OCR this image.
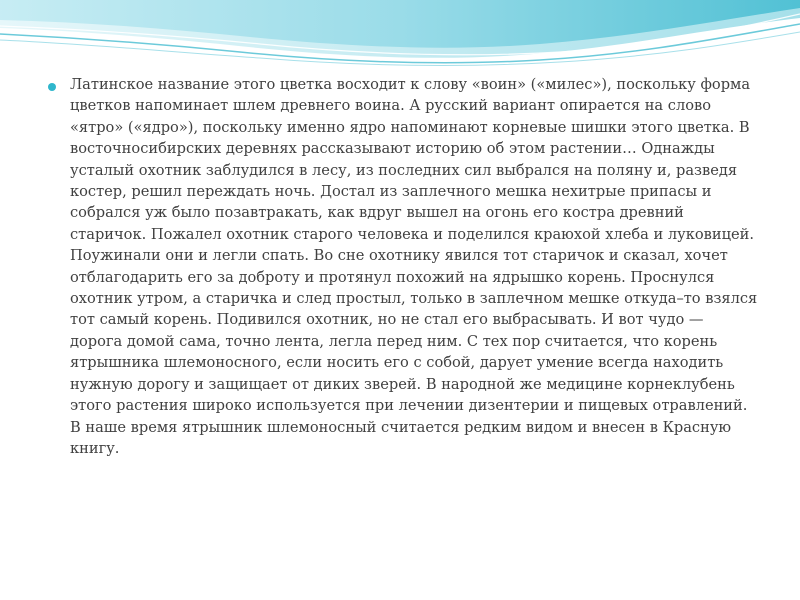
Латинское название этого цветка восходит к слову «воин» («милес»), поскольку форма цветков напоминает шлем древнего воина. А русский вариант опирается на слово «ятро» («ядро»), поскольку именно ядро напоминают корневые шишки этого цветка. В восточносибирских деревнях рассказывают историю об этом растении… Однажды усталый охотник заблудился в лесу, из последних сил выбрался на поляну и, разведя костер, решил переждать ночь. Достал из заплечного мешка нехитрые припасы и собрался уж было позавтракать, как вдруг вышел на огонь его костра древний старичок. Пожалел охотник старого человека и поделился краюхой хлеба и луковицей. Поужинали они и легли спать. Во сне охотнику явился тот старичок и сказал, хочет отблагодарить его за доброту и протянул похожий на ядрышко корень. Проснулся охотник утром, а старичка и след простыл, только в заплечном мешке откуда–то взялся тот самый корень. Подивился охотник, но не стал его выбрасывать. И вот чудо — дорога домой сама, точно лента, легла перед ним. С тех пор считается, что корень ятрышника шлемоносного, если носить его с собой, дарует умение всегда находить нужную дорогу и защищает от диких зверей. В народной же медицине корнеклубень этого растения широко используется при лечении дизентерии и пищевых отравлений.
В наше время ятрышник шлемоносный считается редким видом и внесен в Красную книгу.
